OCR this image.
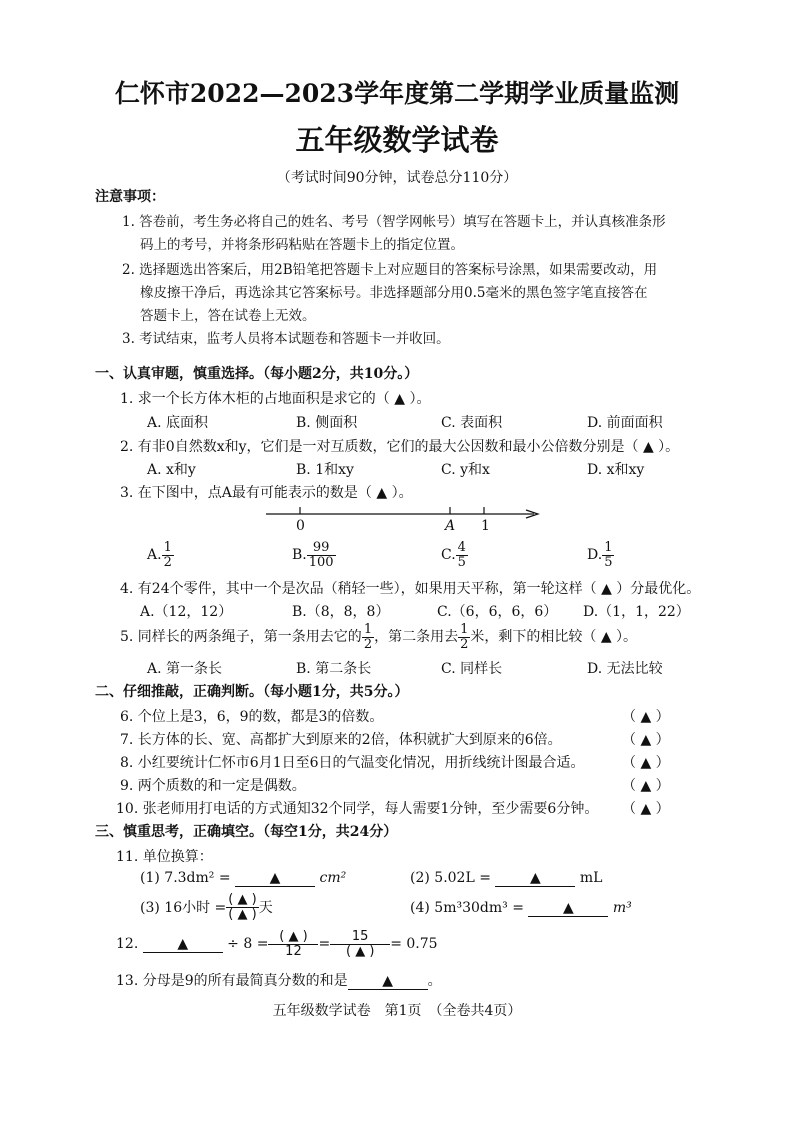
仁怀市2022—2023学年度第二学期学业质量监测
五年级数学试卷
（考试时间90分钟，试卷总分110分）
注意事项：
1. 答卷前，考生务必将自己的姓名、考号（智学网帐号）填写在答题卡上，并认真核准条形
码上的考号，并将条形码粘贴在答题卡上的指定位置。
2. 选择题选出答案后，用2B铅笔把答题卡上对应题目的答案标号涂黑，如果需要改动，用
橡皮擦干净后，再选涂其它答案标号。非选择题部分用0.5毫米的黑色签字笔直接答在
答题卡上，答在试卷上无效。
3. 考试结束，监考人员将本试题卷和答题卡一并收回。
一、认真审题，慎重选择。（每小题2分，共10分。）
1. 求一个长方体木柜的占地面积是求它的（ ▲ ）。
A. 底面积	B. 侧面积	C. 表面积	D. 前面面积
2. 有非0自然数x和y，它们是一对互质数，它们的最大公因数和最小公倍数分别是（ ▲ ）。
A. x和y	B. 1和xy	C. y和x	D. x和xy
3. 在下图中，点A最有可能表示的数是（ ▲ ）。
0	A 1
A. $\frac{1}{2}$	B. $\frac{99}{100}$	C. $\frac{4}{5}$	D. $\frac{1}{5}$
4. 有24个零件，其中一个是次品（稍轻一些），如果用天平称，第一轮这样（ ▲ ）分最优化。
A.（12，12）	B.（8，8，8）	C.（6，6，6，6） D.（1，1，22）
5. 同样长的两条绳子，第一条用去它的 $\frac{1}{2}$ ，第二条用去 $\frac{1}{2}$ 米，剩下的相比较（ ▲ ）。
A. 第一条长	B. 第二条长	C. 同样长	D. 无法比较
二、仔细推敲，正确判断。（每小题1分，共5分。）
6. 个位上是3，6，9的数，都是3的倍数。	（ ▲ ）
7. 长方体的长、宽、高都扩大到原来的2倍，体积就扩大到原来的6倍。	（ ▲ ）
8. 小红要统计仁怀市6月1日至6日的气温变化情况，用折线统计图最合适。	（ ▲ ）
9. 两个质数的和一定是偶数。	（ ▲ ）
10. 张老师用打电话的方式通知32个同学，每人需要1分钟，至少需要6分钟。 （ ▲ ）
三、慎重思考，正确填空。（每空1分，共24分）
11. 单位换算：
(1) 7.3dm² =	▲	cm²	(2) 5.02L =	▲	mL
(3) 16小时 = $\frac{( ▲ )}{( ▲ )}$ 天	(4) 5m³30dm³ =	▲	m³
12.	▲	÷ $8 = \frac{( ▲ )}{12} = \frac{15}{( ▲ )} = 0.75$
13. 分母是9的所有最简真分数的和是 ▲ 。
五年级数学试卷　第1页　（全卷共4页）
